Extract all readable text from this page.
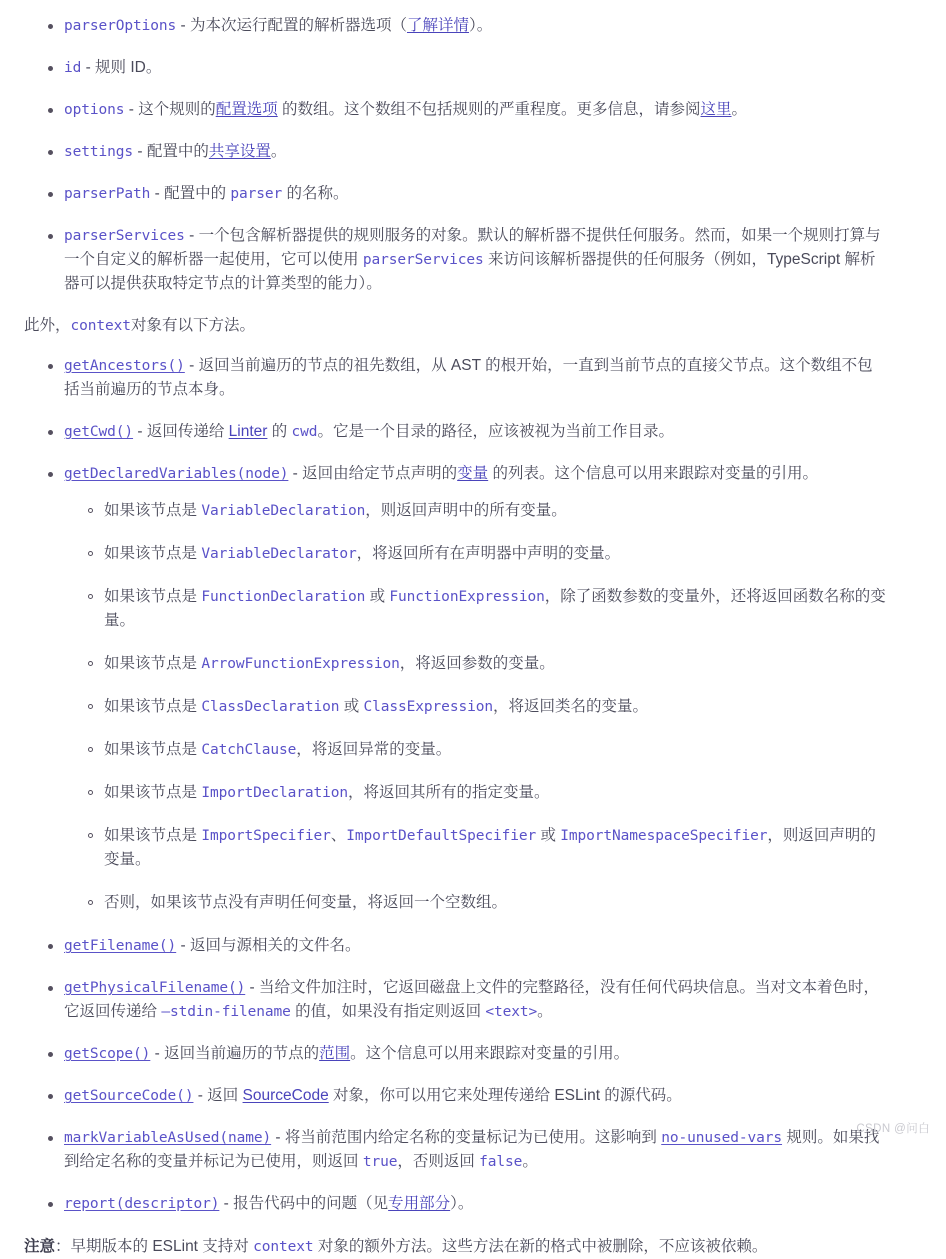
parserOptions - 为本次运行配置的解析器选项（了解详情）。
id - 规则 ID。
options - 这个规则的配置选项 的数组。这个数组不包括规则的严重程度。更多信息，请参阅这里。
settings - 配置中的共享设置。
parserPath - 配置中的 parser 的名称。
parserServices - 一个包含解析器提供的规则服务的对象。默认的解析器不提供任何服务。然而，如果一个规则打算与一个自定义的解析器一起使用，它可以使用 parserServices 来访问该解析器提供的任何服务（例如，TypeScript 解析器可以提供获取特定节点的计算类型的能力）。

此外，context对象有以下方法。

getAncestors() - 返回当前遍历的节点的祖先数组，从 AST 的根开始，一直到当前节点的直接父节点。这个数组不包括当前遍历的节点本身。
getCwd() - 返回传递给 Linter 的 cwd。它是一个目录的路径，应该被视为当前工作目录。
getDeclaredVariables(node) - 返回由给定节点声明的变量 的列表。这个信息可以用来跟踪对变量的引用。
如果该节点是 VariableDeclaration，则返回声明中的所有变量。
如果该节点是 VariableDeclarator，将返回所有在声明器中声明的变量。
如果该节点是 FunctionDeclaration 或 FunctionExpression，除了函数参数的变量外，还将返回函数名称的变量。
如果该节点是 ArrowFunctionExpression，将返回参数的变量。
如果该节点是 ClassDeclaration 或 ClassExpression，将返回类名的变量。
如果该节点是 CatchClause，将返回异常的变量。
如果该节点是 ImportDeclaration，将返回其所有的指定变量。
如果该节点是 ImportSpecifier、ImportDefaultSpecifier 或 ImportNamespaceSpecifier，则返回声明的变量。
否则，如果该节点没有声明任何变量，将返回一个空数组。
getFilename() - 返回与源相关的文件名。
getPhysicalFilename() - 当给文件加注时，它返回磁盘上文件的完整路径，没有任何代码块信息。当对文本着色时，它返回传递给 —stdin-filename 的值，如果没有指定则返回 <text>。
getScope() - 返回当前遍历的节点的范围。这个信息可以用来跟踪对变量的引用。
getSourceCode() - 返回 SourceCode 对象，你可以用它来处理传递给 ESLint 的源代码。
markVariableAsUsed(name) - 将当前范围内给定名称的变量标记为已使用。这影响到 no-unused-vars 规则。如果找到给定名称的变量并标记为已使用，则返回 true，否则返回 false。
report(descriptor) - 报告代码中的问题（见专用部分）。

注意：早期版本的 ESLint 支持对 context 对象的额外方法。这些方法在新的格式中被删除，不应该被依赖。

CSDN @问白
